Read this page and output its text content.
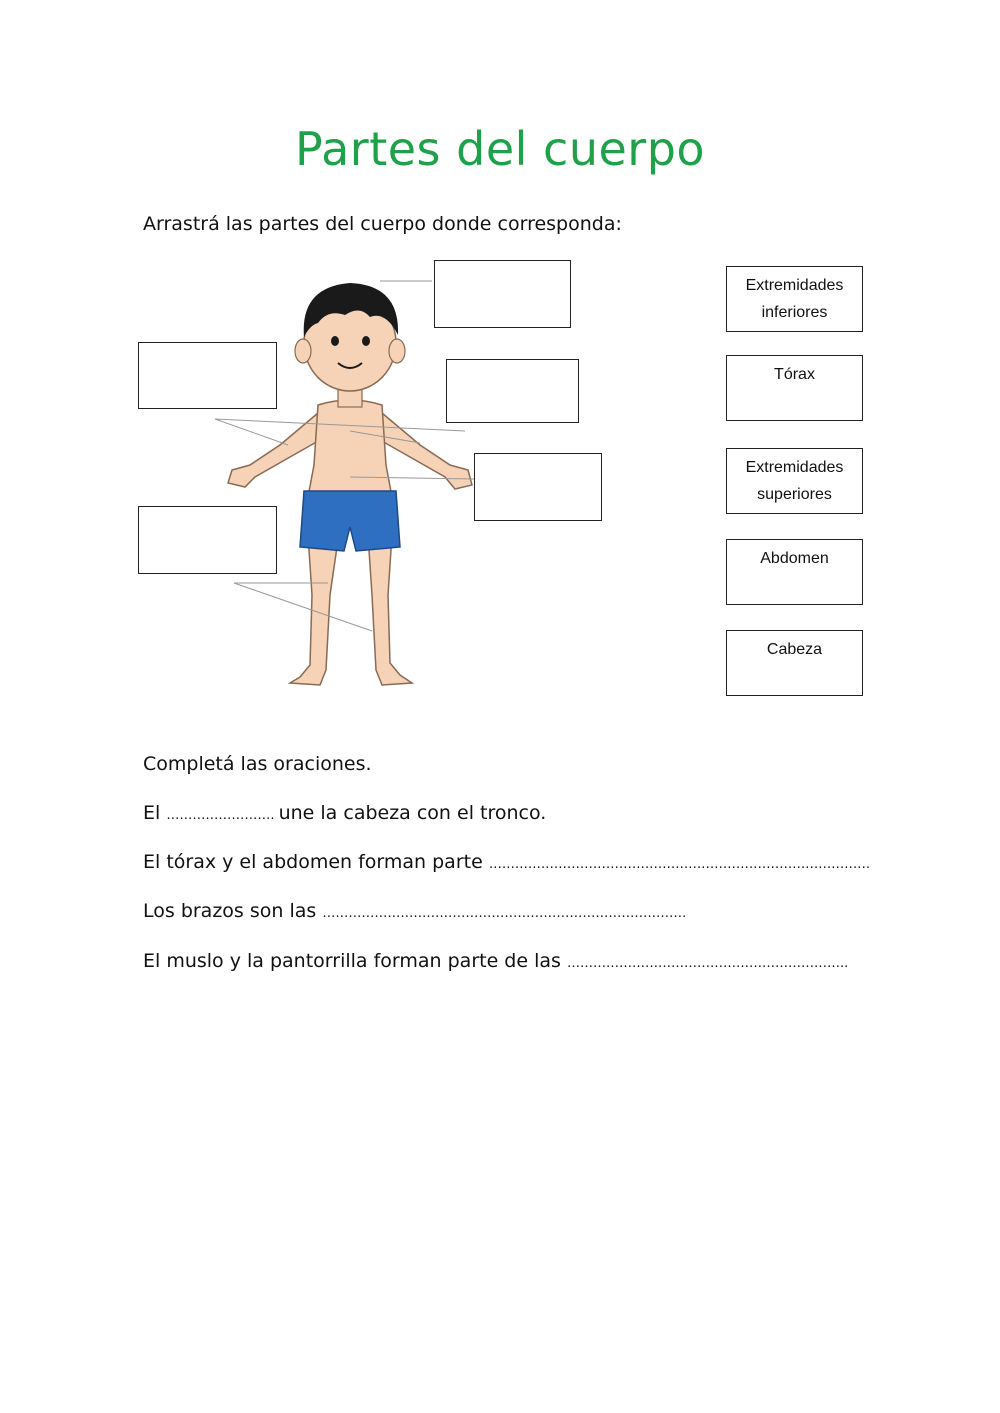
Partes del cuerpo
Arrastrá las partes del cuerpo donde corresponda:
Extremidades inferiores
Tórax
Extremidades superiores
Abdomen
Cabeza
Completá las oraciones.
El ……………………. une la cabeza con el tronco.
El tórax y el abdomen forman parte …………………………………………………………………………….
Los brazos son las …………………………………………………………………………
El muslo y la pantorrilla forman parte de las ………………………………………………………..
